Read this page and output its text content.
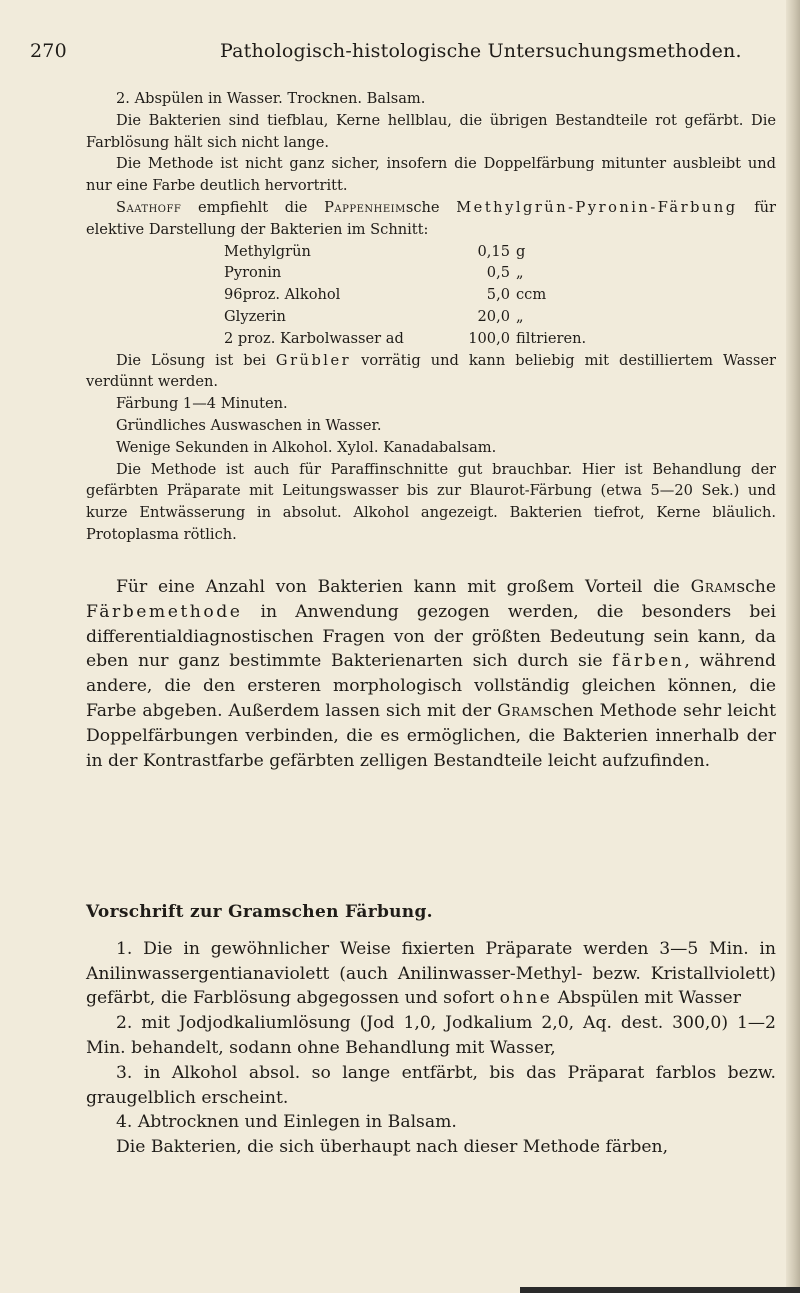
270	Pathologisch-histologische Untersuchungsmethoden.

2. Abspülen in Wasser. Trocknen. Balsam.

Die Bakterien sind tiefblau, Kerne hellblau, die übrigen Bestandteile rot gefärbt. Die Farblösung hält sich nicht lange.

Die Methode ist nicht ganz sicher, insofern die Doppelfärbung mitunter ausbleibt und nur eine Farbe deutlich hervortritt.

Saathoff empfiehlt die Pappenheimsche Methylgrün-Pyronin-Färbung für elektive Darstellung der Bakterien im Schnitt:

Methylgrün	0,15	g
Pyronin	0,5	„
96proz. Alkohol	5,0	ccm
Glyzerin	20,0	„
2 proz. Karbolwasser ad	100,0	filtrieren.

Die Lösung ist bei Grübler vorrätig und kann beliebig mit destilliertem Wasser verdünnt werden.

Färbung 1—4 Minuten.

Gründliches Auswaschen in Wasser.

Wenige Sekunden in Alkohol. Xylol. Kanadabalsam.

Die Methode ist auch für Paraffinschnitte gut brauchbar. Hier ist Behandlung der gefärbten Präparate mit Leitungswasser bis zur Blaurot-Färbung (etwa 5—20 Sek.) und kurze Entwässerung in absolut. Alkohol angezeigt. Bakterien tiefrot, Kerne bläulich. Protoplasma rötlich.

Für eine Anzahl von Bakterien kann mit großem Vorteil die Gramsche Färbemethode in Anwendung gezogen werden, die besonders bei differentialdiagnostischen Fragen von der größten Bedeutung sein kann, da eben nur ganz bestimmte Bakterienarten sich durch sie färben, während andere, die den ersteren morphologisch vollständig gleichen können, die Farbe abgeben. Außerdem lassen sich mit der Gramschen Methode sehr leicht Doppelfärbungen verbinden, die es ermöglichen, die Bakterien innerhalb der in der Kontrastfarbe gefärbten zelligen Bestandteile leicht aufzufinden.

Vorschrift zur Gramschen Färbung.

1. Die in gewöhnlicher Weise fixierten Präparate werden 3—5 Min. in Anilinwassergentianaviolett (auch Anilinwasser-Methyl- bezw. Kristallviolett) gefärbt, die Farblösung abgegossen und sofort ohne Abspülen mit Wasser

2. mit Jodjodkaliumlösung (Jod 1,0, Jodkalium 2,0, Aq. dest. 300,0) 1—2 Min. behandelt, sodann ohne Behandlung mit Wasser,

3. in Alkohol absol. so lange entfärbt, bis das Präparat farblos bezw. graugelblich erscheint.

4. Abtrocknen und Einlegen in Balsam.

Die Bakterien, die sich überhaupt nach dieser Methode färben,
